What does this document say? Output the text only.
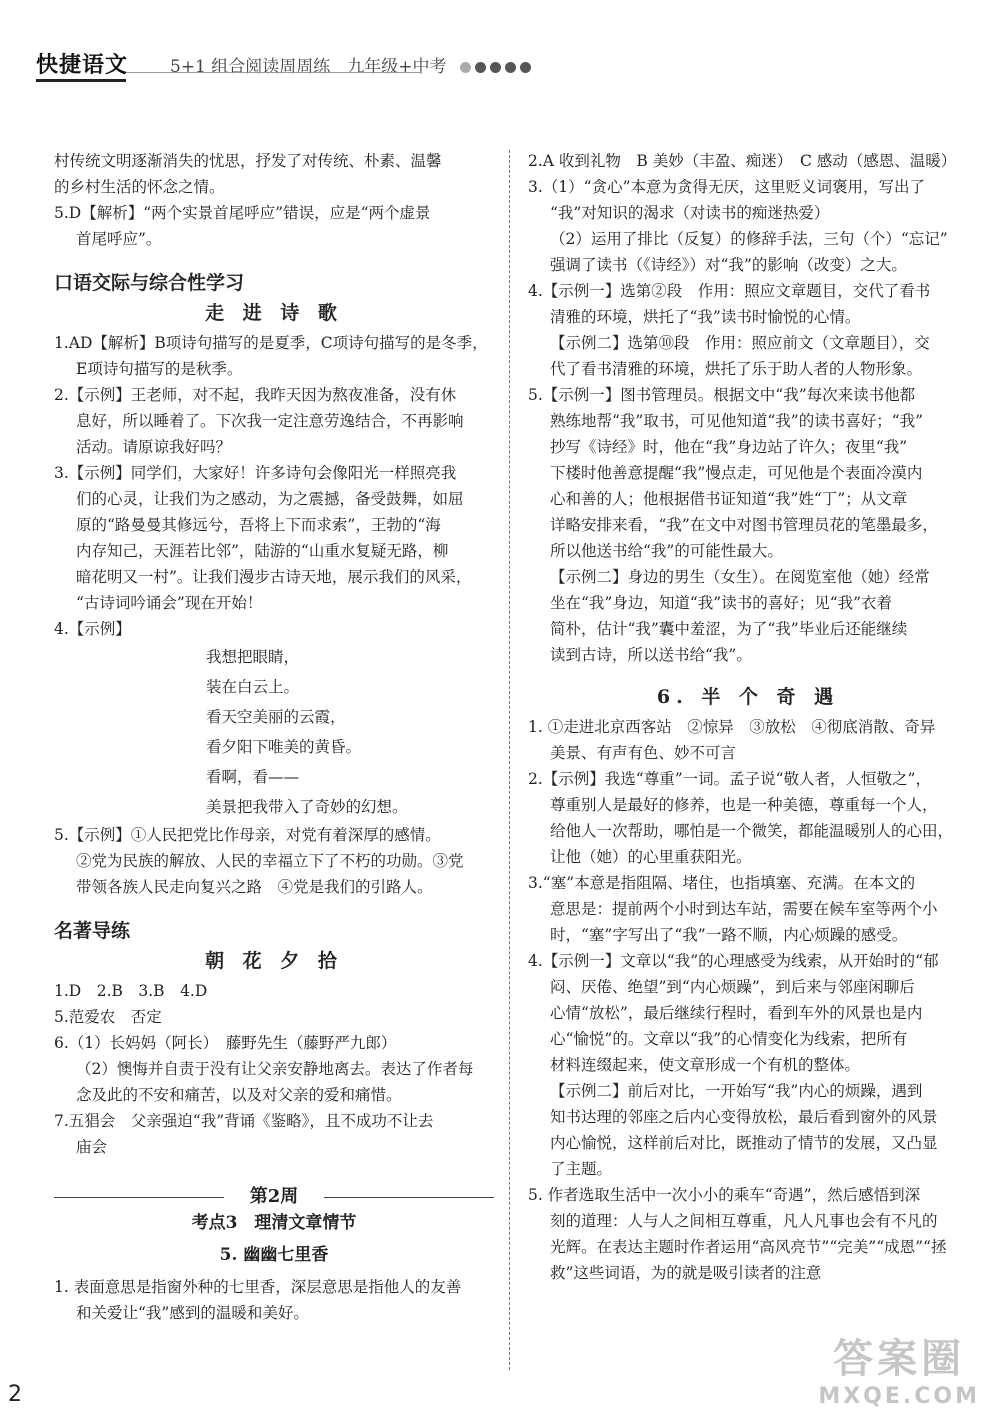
快捷语文 5+1 组合阅读周周练　九年级+中考

村传统文明逐渐消失的忧思，抒发了对传统、朴素、温馨

的乡村生活的怀念之情。

5.D【解析】“两个实景首尾呼应”错误，应是“两个虚景

首尾呼应”。

口语交际与综合性学习
走 进 诗 歌

1.AD【解析】B项诗句描写的是夏季，C项诗句描写的是冬季，

E项诗句描写的是秋季。

2.【示例】王老师，对不起，我昨天因为熬夜准备，没有休

息好，所以睡着了。下次我一定注意劳逸结合，不再影响

活动。请原谅我好吗？

3.【示例】同学们，大家好！许多诗句会像阳光一样照亮我

们的心灵，让我们为之感动，为之震撼，备受鼓舞，如屈

原的“路曼曼其修远兮，吾将上下而求索”，王勃的“海

内存知己，天涯若比邻”，陆游的“山重水复疑无路，柳

暗花明又一村”。让我们漫步古诗天地，展示我们的风采，

“古诗词吟诵会”现在开始！

4.【示例】

我想把眼睛，

装在白云上。

看天空美丽的云霞，

看夕阳下唯美的黄昏。

看啊，看——

美景把我带入了奇妙的幻想。

5.【示例】①人民把党比作母亲，对党有着深厚的感情。

②党为民族的解放、人民的幸福立下了不朽的功勋。③党

带领各族人民走向复兴之路　④党是我们的引路人。

名著导练
朝 花 夕 拾

1.D　2.B　3.B　4.D

5.范爱农　否定

6.（1）长妈妈（阿长）　藤野先生（藤野严九郎）

（2）懊悔并自责于没有让父亲安静地离去。表达了作者每

念及此的不安和痛苦，以及对父亲的爱和痛惜。

7.五猖会　父亲强迫“我”背诵《鉴略》，且不成功不让去

庙会

第2周
考点3　理清文章情节
5. 幽幽七里香

1. 表面意思是指窗外种的七里香，深层意思是指他人的友善

和关爱让“我”感到的温暖和美好。

2.A 收到礼物　B 美妙（丰盈、痴迷）　C 感动（感恩、温暖）

3.（1）“贪心”本意为贪得无厌，这里贬义词褒用，写出了

“我”对知识的渴求（对读书的痴迷热爱）

（2）运用了排比（反复）的修辞手法，三句（个）“忘记”

强调了读书（《诗经》）对“我”的影响（改变）之大。

4.【示例一】选第②段　作用：照应文章题目，交代了看书

清雅的环境，烘托了“我”读书时愉悦的心情。

【示例二】选第⑩段　作用：照应前文（文章题目），交

代了看书清雅的环境，烘托了乐于助人者的人物形象。

5.【示例一】图书管理员。根据文中“我”每次来读书他都

熟练地帮“我”取书，可见他知道“我”的读书喜好；“我”

抄写《诗经》时，他在“我”身边站了许久；夜里“我”

下楼时他善意提醒“我”慢点走，可见他是个表面冷漠内

心和善的人；他根据借书证知道“我”姓“丁”；从文章

详略安排来看，“我”在文中对图书管理员花的笔墨最多，

所以他送书给“我”的可能性最大。

【示例二】身边的男生（女生）。在阅览室他（她）经常

坐在“我”身边，知道“我”读书的喜好；见“我”衣着

简朴，估计“我”囊中羞涩，为了“我”毕业后还能继续

读到古诗，所以送书给“我”。

6. 半 个 奇 遇

1. ①走进北京西客站　②惊异　③放松　④彻底消散、奇异

美景、有声有色、妙不可言

2.【示例】我选“尊重”一词。孟子说“敬人者，人恒敬之”，

尊重别人是最好的修养，也是一种美德，尊重每一个人，

给他人一次帮助，哪怕是一个微笑，都能温暖别人的心田，

让他（她）的心里重获阳光。

3.“塞”本意是指阻隔、堵住，也指填塞、充满。在本文的

意思是：提前两个小时到达车站，需要在候车室等两个小

时，“塞”字写出了“我”一路不顺，内心烦躁的感受。

4.【示例一】文章以“我”的心理感受为线索，从开始时的“郁

闷、厌倦、绝望”到“内心烦躁”，到后来与邻座闲聊后

心情“放松”，最后继续行程时，看到车外的风景也是内

心“愉悦”的。文章以“我”的心情变化为线索，把所有

材料连缀起来，使文章形成一个有机的整体。

【示例二】前后对比，一开始写“我”内心的烦躁，遇到

知书达理的邻座之后内心变得放松，最后看到窗外的风景

内心愉悦，这样前后对比，既推动了情节的发展，又凸显

了主题。

5. 作者选取生活中一次小小的乘车“奇遇”，然后感悟到深

刻的道理：人与人之间相互尊重，凡人凡事也会有不凡的

光辉。在表达主题时作者运用“高风亮节”“完美”“成恩”“拯

救”这些词语，为的就是吸引读者的注意

2
答案圈
MXQE.COM
